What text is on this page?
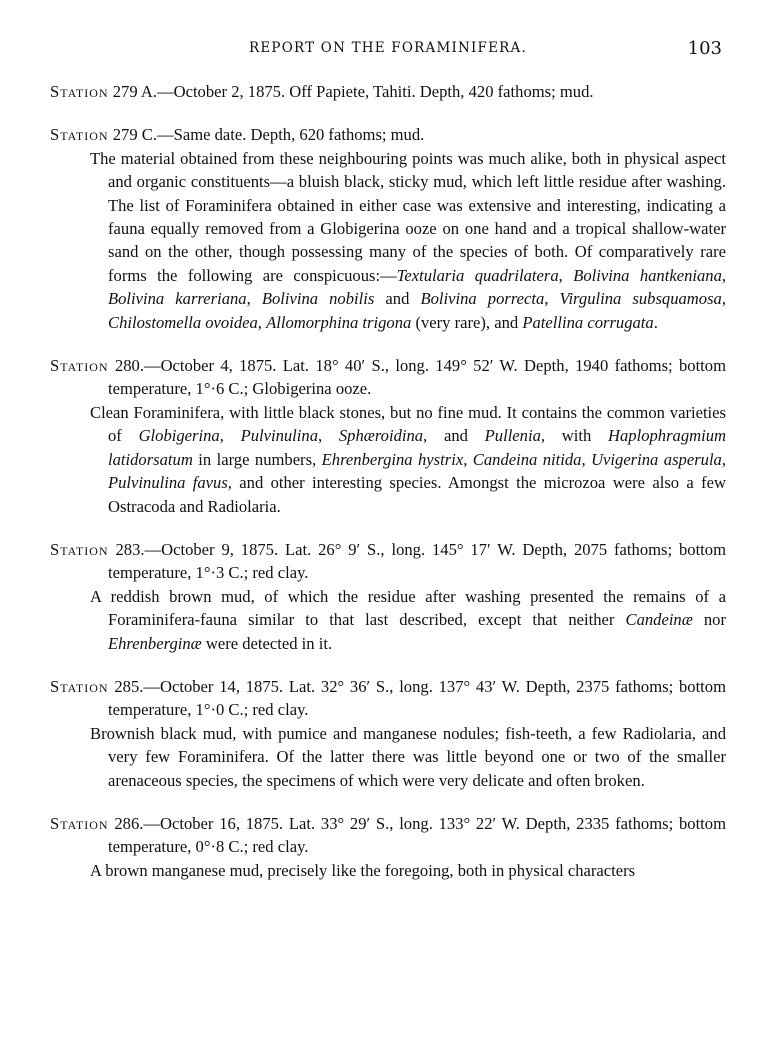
REPORT ON THE FORAMINIFERA.	103
Station 279 A.—October 2, 1875. Off Papiete, Tahiti. Depth, 420 fathoms; mud.
Station 279 C.—Same date. Depth, 620 fathoms; mud.
The material obtained from these neighbouring points was much alike, both in physical aspect and organic constituents—a bluish black, sticky mud, which left little residue after washing. The list of Foraminifera obtained in either case was extensive and interesting, indicating a fauna equally removed from a Globigerina ooze on one hand and a tropical shallow-water sand on the other, though possessing many of the species of both. Of comparatively rare forms the following are conspicuous:—Textularia quadrilatera, Bolivina hantkeniana, Bolivina karreriana, Bolivina nobilis and Bolivina porrecta, Virgulina subsquamosa, Chilostomella ovoidea, Allomorphina trigona (very rare), and Patellina corrugata.
Station 280.—October 4, 1875. Lat. 18° 40′ S., long. 149° 52′ W. Depth, 1940 fathoms; bottom temperature, 1°·6 C.; Globigerina ooze.
Clean Foraminifera, with little black stones, but no fine mud. It contains the common varieties of Globigerina, Pulvinulina, Sphæroidina, and Pullenia, with Haplophragmium latidorsatum in large numbers, Ehrenbergina hystrix, Candeina nitida, Uvigerina asperula, Pulvinulina favus, and other interesting species. Amongst the microzoa were also a few Ostracoda and Radiolaria.
Station 283.—October 9, 1875. Lat. 26° 9′ S., long. 145° 17′ W. Depth, 2075 fathoms; bottom temperature, 1°·3 C.; red clay.
A reddish brown mud, of which the residue after washing presented the remains of a Foraminifera-fauna similar to that last described, except that neither Candeinæ nor Ehrenberginæ were detected in it.
Station 285.—October 14, 1875. Lat. 32° 36′ S., long. 137° 43′ W. Depth, 2375 fathoms; bottom temperature, 1°·0 C.; red clay.
Brownish black mud, with pumice and manganese nodules; fish-teeth, a few Radiolaria, and very few Foraminifera. Of the latter there was little beyond one or two of the smaller arenaceous species, the specimens of which were very delicate and often broken.
Station 286.—October 16, 1875. Lat. 33° 29′ S., long. 133° 22′ W. Depth, 2335 fathoms; bottom temperature, 0°·8 C.; red clay.
A brown manganese mud, precisely like the foregoing, both in physical characters
